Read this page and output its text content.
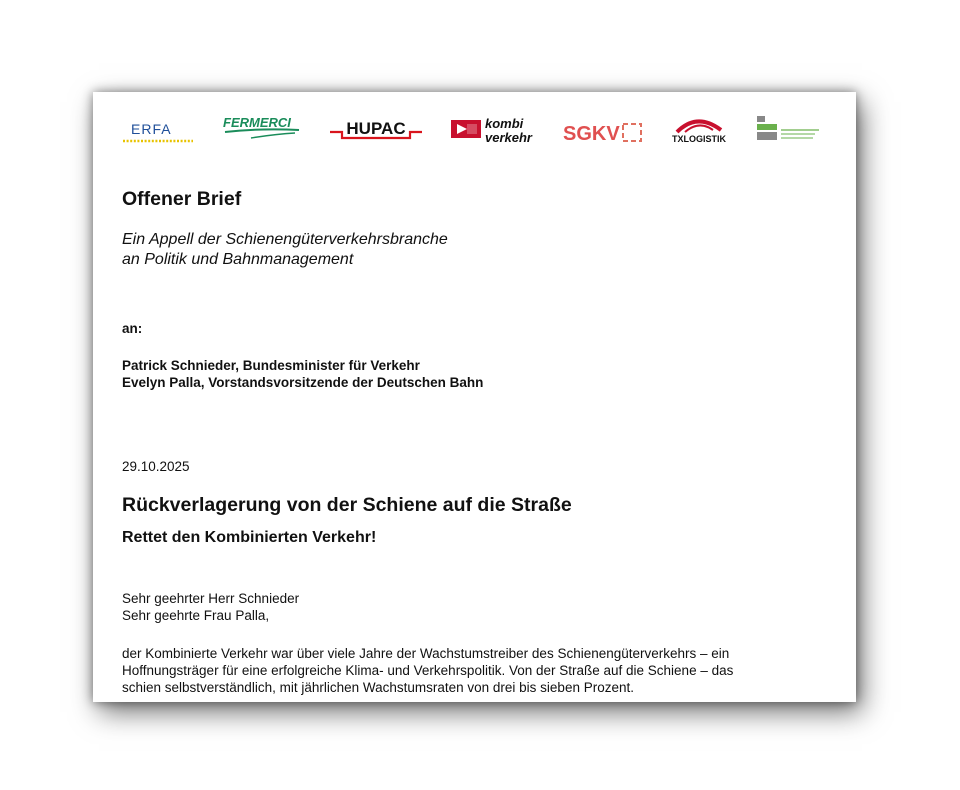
ERFA	FERMERCI	HUPAC	kombi
verkehr SGKV	TXLOGISTIK
Offener Brief
Ein Appell der Schienengüterverkehrsbranche
an Politik und Bahnmanagement
an:
Patrick Schnieder, Bundesminister für Verkehr
Evelyn Palla, Vorstandsvorsitzende der Deutschen Bahn
29.10.2025
Rückverlagerung von der Schiene auf die Straße
Rettet den Kombinierten Verkehr!
Sehr geehrter Herr Schnieder
Sehr geehrte Frau Palla,
der Kombinierte Verkehr war über viele Jahre der Wachstumstreiber des Schienengüterverkehrs – ein
Hoffnungsträger für eine erfolgreiche Klima- und Verkehrspolitik. Von der Straße auf die Schiene – das
schien selbstverständlich, mit jährlichen Wachstumsraten von drei bis sieben Prozent.
